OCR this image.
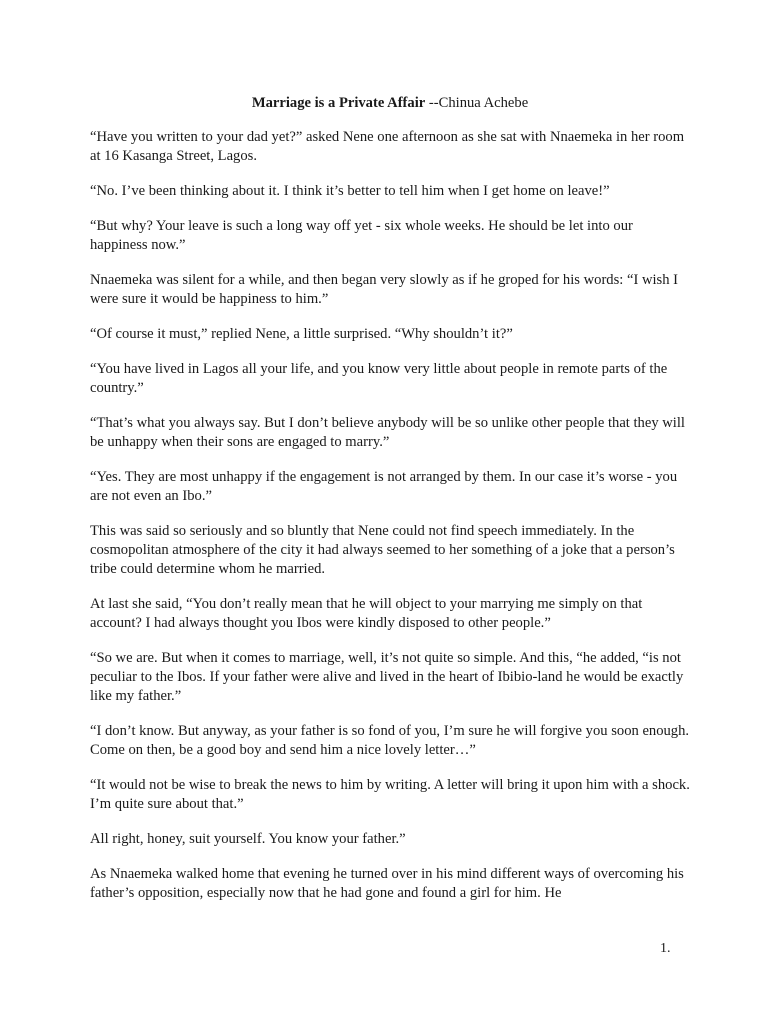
Marriage is a Private Affair --Chinua Achebe

“Have you written to your dad yet?” asked Nene one afternoon as she sat with Nnaemeka in her room at 16 Kasanga Street, Lagos.

“No. I’ve been thinking about it. I think it’s better to tell him when I get home on leave!”

“But why? Your leave is such a long way off yet - six whole weeks. He should be let into our happiness now.”

Nnaemeka was silent for a while, and then began very slowly as if he groped for his words: “I wish I were sure it would be happiness to him.”

“Of course it must,” replied Nene, a little surprised. “Why shouldn’t it?”

“You have lived in Lagos all your life, and you know very little about people in remote parts of the country.”

“That’s what you always say. But I don’t believe anybody will be so unlike other people that they will be unhappy when their sons are engaged to marry.”

“Yes. They are most unhappy if the engagement is not arranged by them. In our case it’s worse - you are not even an Ibo.”

This was said so seriously and so bluntly that Nene could not find speech immediately. In the cosmopolitan atmosphere of the city it had always seemed to her something of a joke that a person’s tribe could determine whom he married.

At last she said, “You don’t really mean that he will object to your marrying me simply on that account? I had always thought you Ibos were kindly disposed to other people.”

“So we are. But when it comes to marriage, well, it’s not quite so simple. And this, “he added, “is not peculiar to the Ibos. If your father were alive and lived in the heart of Ibibio-land he would be exactly like my father.”

“I don’t know. But anyway, as your father is so fond of you, I’m sure he will forgive you soon enough. Come on then, be a good boy and send him a nice lovely letter…”

“It would not be wise to break the news to him by writing. A letter will bring it upon him with a shock. I’m quite sure about that.”

All right, honey, suit yourself. You know your father.”

As Nnaemeka walked home that evening he turned over in his mind different ways of overcoming his father’s opposition, especially now that he had gone and found a girl for him. He

1.
